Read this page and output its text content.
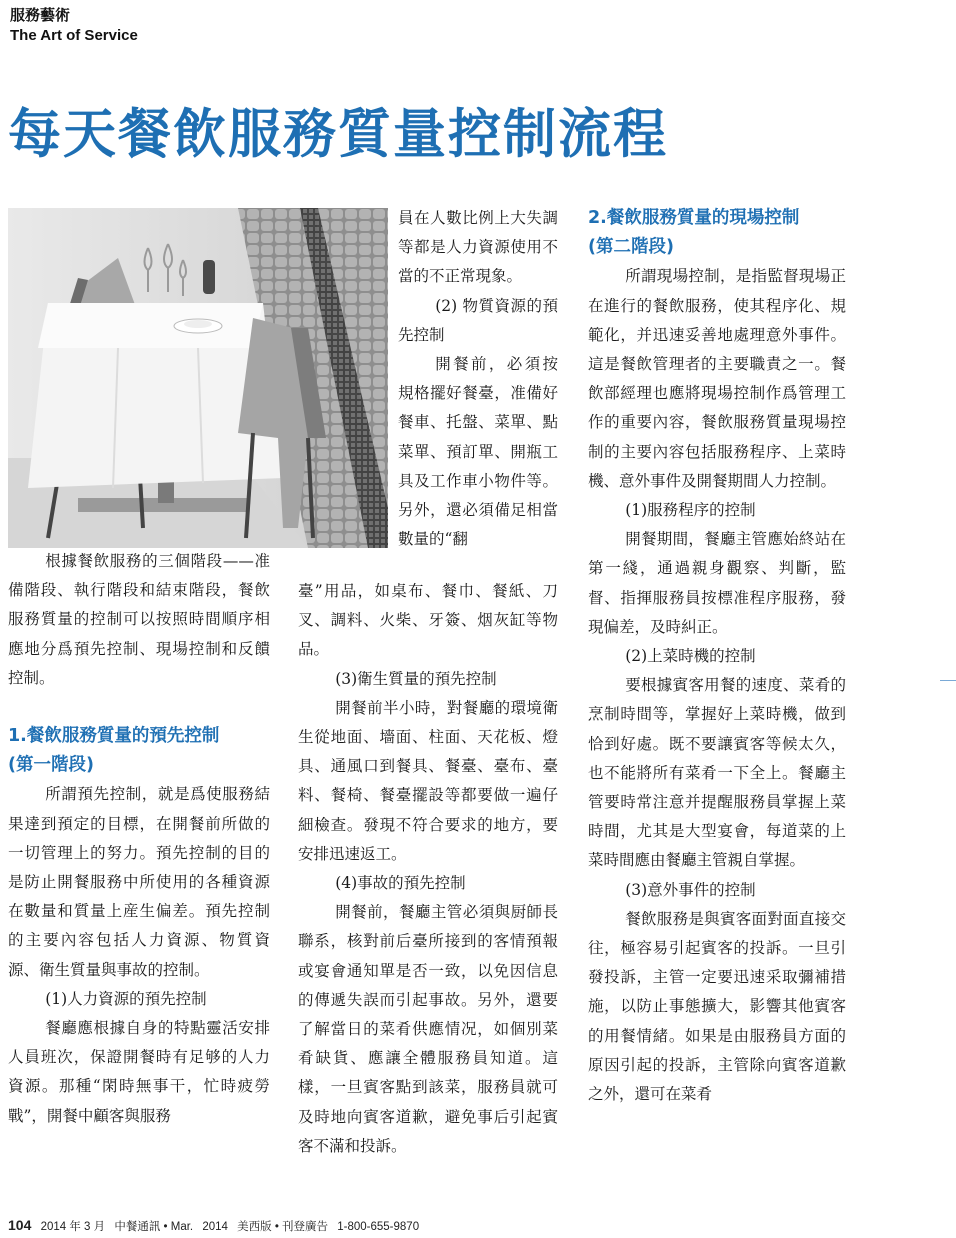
服務藝術
The Art of Service
每天餐飲服務質量控制流程

根據餐飲服務的三個階段——准備階段、執行階段和結束階段，餐飲服務質量的控制可以按照時間順序相應地分爲預先控制、現場控制和反饋控制。

1.餐飲服務質量的預先控制
(第一階段)

所謂預先控制，就是爲使服務結果達到預定的目標，在開餐前所做的一切管理上的努力。預先控制的目的是防止開餐服務中所使用的各種資源在數量和質量上産生偏差。預先控制的主要內容包括人力資源、物質資源、衛生質量與事故的控制。

(1)人力資源的預先控制

餐廳應根據自身的特點靈活安排人員班次，保證開餐時有足够的人力資源。那種“閑時無事干，忙時疲勞戰”，開餐中顧客與服務

員在人數比例上大失調等都是人力資源使用不當的不正常現象。

(2) 物質資源的預先控制

開餐前，必須按規格擺好餐臺，准備好餐車、托盤、菜單、點菜單、預訂單、開瓶工具及工作車小物件等。另外，還必須備足相當數量的“翻

臺”用品，如桌布、餐巾、餐紙、刀叉、調料、火柴、牙簽、烟灰缸等物品。

(3)衛生質量的預先控制

開餐前半小時，對餐廳的環境衛生從地面、墻面、柱面、天花板、燈具、通風口到餐具、餐臺、臺布、臺料、餐椅、餐臺擺設等都要做一遍仔細檢查。發現不符合要求的地方，要安排迅速返工。

(4)事故的預先控制

開餐前，餐廳主管必須與厨師長聯系，核對前后臺所接到的客情預報或宴會通知單是否一致，以免因信息的傳遞失誤而引起事故。另外，還要了解當日的菜肴供應情况，如個別菜肴缺貨、應讓全體服務員知道。這樣，一旦賓客點到該菜，服務員就可及時地向賓客道歉，避免事后引起賓客不滿和投訴。

2.餐飲服務質量的現場控制
(第二階段)

所謂現場控制，是指監督現場正在進行的餐飲服務，使其程序化、規範化，并迅速妥善地處理意外事件。這是餐飲管理者的主要職責之一。餐飲部經理也應將現場控制作爲管理工作的重要內容，餐飲服務質量現場控制的主要內容包括服務程序、上菜時機、意外事件及開餐期間人力控制。

(1)服務程序的控制

開餐期間，餐廳主管應始終站在第一綫，通過親身觀察、判斷，監督、指揮服務員按標准程序服務，發現偏差，及時糾正。

(2)上菜時機的控制

要根據賓客用餐的速度、菜肴的烹制時間等，掌握好上菜時機，做到恰到好處。既不要讓賓客等候太久，也不能將所有菜肴一下全上。餐廳主管要時常注意并提醒服務員掌握上菜時間，尤其是大型宴會，每道菜的上菜時間應由餐廳主管親自掌握。

(3)意外事件的控制

餐飲服務是與賓客面對面直接交往，極容易引起賓客的投訴。一旦引發投訴，主管一定要迅速采取彌補措施，以防止事態擴大，影響其他賓客的用餐情緒。如果是由服務員方面的原因引起的投訴，主管除向賓客道歉之外，還可在菜肴

104 2014 年 3 月 中餐通訊 • Mar. 2014 美西版 • 刊登廣告 1-800-655-9870
